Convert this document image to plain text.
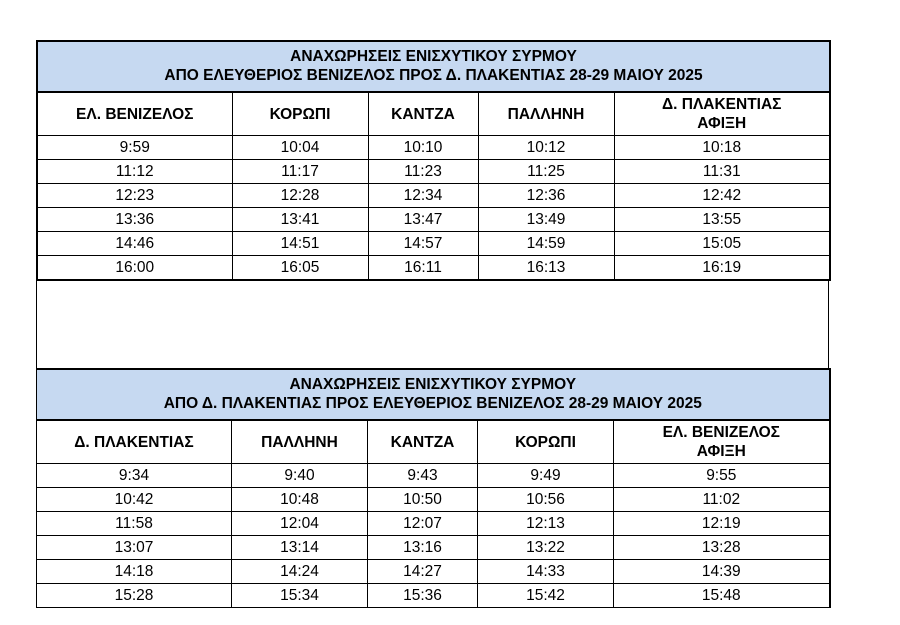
ΑΝΑΧΩΡΗΣΕΙΣ ΕΝΙΣΧΥΤΙΚΟΥ ΣΥΡΜΟΥ
ΑΠΟ ΕΛΕΥΘΕΡΙΟΣ ΒΕΝΙΖΕΛΟΣ ΠΡΟΣ Δ. ΠΛΑΚΕΝΤΙΑΣ 28-29 ΜΑΙΟΥ 2025				

ΕΛ. ΒΕΝΙΖΕΛΟΣ	ΚΟΡΩΠΙ	ΚΑΝΤΖΑ	ΠΑΛΛΗΝΗ	Δ. ΠΛΑΚΕΝΤΙΑΣ
ΑΦΙΞΗ

9:59	10:04	10:10	10:12	10:18
11:12	11:17	11:23	11:25	11:31
12:23	12:28	12:34	12:36	12:42
13:36	13:41	13:47	13:49	13:55
14:46	14:51	14:57	14:59	15:05
16:00	16:05	16:11	16:13	16:19
ΑΝΑΧΩΡΗΣΕΙΣ ΕΝΙΣΧΥΤΙΚΟΥ ΣΥΡΜΟΥ
ΑΠΟ Δ. ΠΛΑΚΕΝΤΙΑΣ ΠΡΟΣ ΕΛΕΥΘΕΡΙΟΣ ΒΕΝΙΖΕΛΟΣ 28-29 ΜΑΙΟΥ 2025				

Δ. ΠΛΑΚΕΝΤΙΑΣ	ΠΑΛΛΗΝΗ	ΚΑΝΤΖΑ	ΚΟΡΩΠΙ	ΕΛ. ΒΕΝΙΖΕΛΟΣ
ΑΦΙΞΗ

9:34	9:40	9:43	9:49	9:55
10:42	10:48	10:50	10:56	11:02
11:58	12:04	12:07	12:13	12:19
13:07	13:14	13:16	13:22	13:28
14:18	14:24	14:27	14:33	14:39
15:28	15:34	15:36	15:42	15:48
